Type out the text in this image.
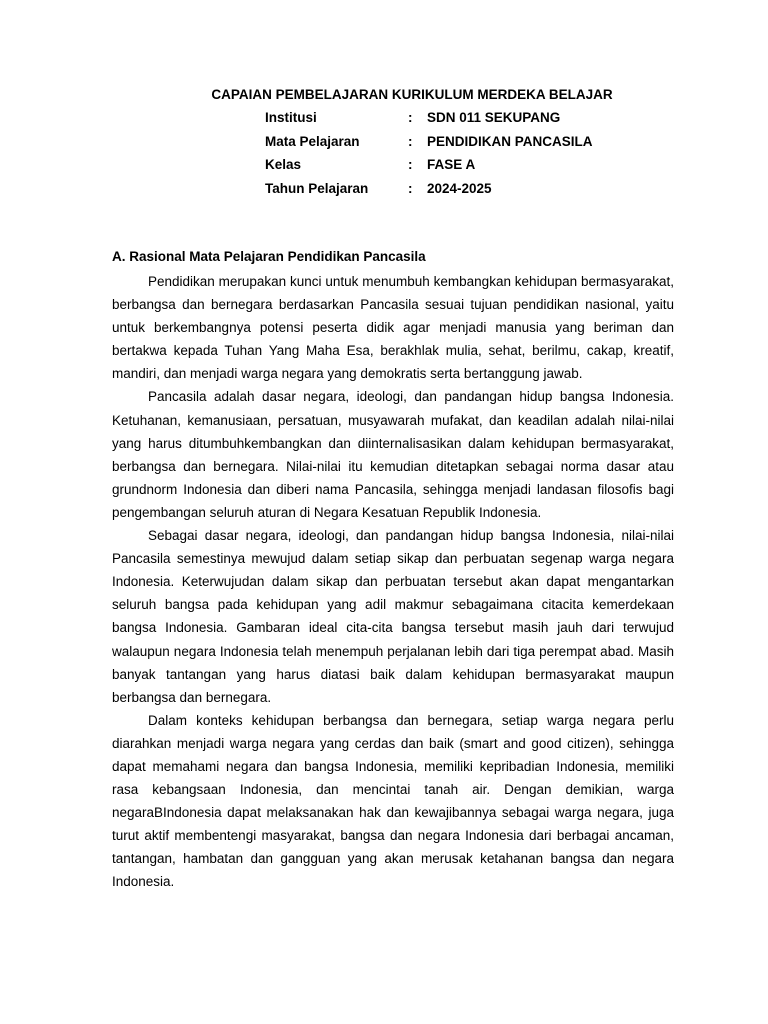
CAPAIAN PEMBELAJARAN KURIKULUM MERDEKA BELAJAR
Institusi	: SDN 011 SEKUPANG
Mata Pelajaran	: PENDIDIKAN PANCASILA
Kelas	: FASE A
Tahun Pelajaran	: 2024-2025
A. Rasional Mata Pelajaran Pendidikan Pancasila

Pendidikan merupakan kunci untuk menumbuh kembangkan kehidupan bermasyarakat, berbangsa dan bernegara berdasarkan Pancasila sesuai tujuan pendidikan nasional, yaitu untuk berkembangnya potensi peserta didik agar menjadi manusia yang beriman dan bertakwa kepada Tuhan Yang Maha Esa, berakhlak mulia, sehat, berilmu, cakap, kreatif, mandiri, dan menjadi warga negara yang demokratis serta bertanggung jawab.

Pancasila adalah dasar negara, ideologi, dan pandangan hidup bangsa Indonesia. Ketuhanan, kemanusiaan, persatuan, musyawarah mufakat, dan keadilan adalah nilai-nilai yang harus ditumbuhkembangkan dan diinternalisasikan dalam kehidupan bermasyarakat, berbangsa dan bernegara. Nilai-nilai itu kemudian ditetapkan sebagai norma dasar atau grundnorm Indonesia dan diberi nama Pancasila, sehingga menjadi landasan filosofis bagi pengembangan seluruh aturan di Negara Kesatuan Republik Indonesia.

Sebagai dasar negara, ideologi, dan pandangan hidup bangsa Indonesia, nilai-nilai Pancasila semestinya mewujud dalam setiap sikap dan perbuatan segenap warga negara Indonesia. Keterwujudan dalam sikap dan perbuatan tersebut akan dapat mengantarkan seluruh bangsa pada kehidupan yang adil makmur sebagaimana citacita kemerdekaan bangsa Indonesia. Gambaran ideal cita-cita bangsa tersebut masih jauh dari terwujud walaupun negara Indonesia telah menempuh perjalanan lebih dari tiga perempat abad. Masih banyak tantangan yang harus diatasi baik dalam kehidupan bermasyarakat maupun berbangsa dan bernegara.

Dalam konteks kehidupan berbangsa dan bernegara, setiap warga negara perlu diarahkan menjadi warga negara yang cerdas dan baik (smart and good citizen), sehingga dapat memahami negara dan bangsa Indonesia, memiliki kepribadian Indonesia, memiliki rasa kebangsaan Indonesia, dan mencintai tanah air. Dengan demikian, warga negaraBIndonesia dapat melaksanakan hak dan kewajibannya sebagai warga negara, juga turut aktif membentengi masyarakat, bangsa dan negara Indonesia dari berbagai ancaman, tantangan, hambatan dan gangguan yang akan merusak ketahanan bangsa dan negara Indonesia.
